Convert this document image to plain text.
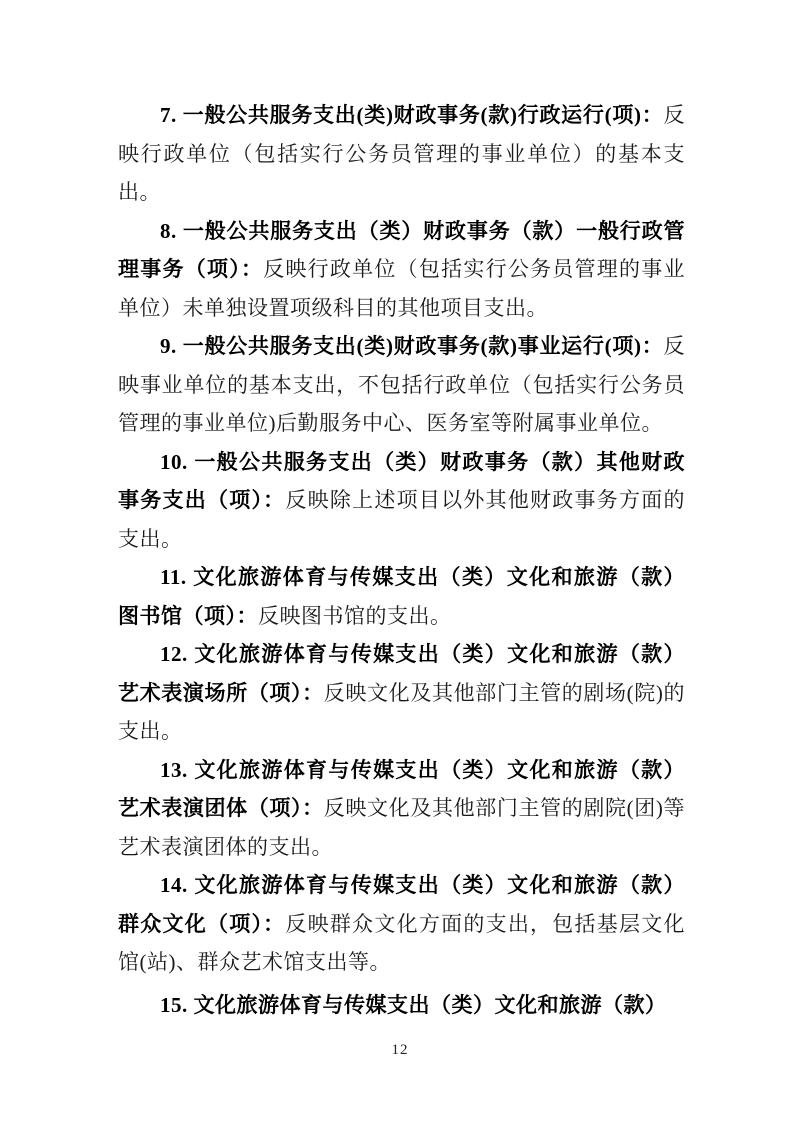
7. 一般公共服务支出(类)财政事务(款)行政运行(项)：反映行政单位（包括实行公务员管理的事业单位）的基本支出。

8. 一般公共服务支出（类）财政事务（款）一般行政管理事务（项）：反映行政单位（包括实行公务员管理的事业单位）未单独设置项级科目的其他项目支出。

9. 一般公共服务支出(类)财政事务(款)事业运行(项)：反映事业单位的基本支出，不包括行政单位（包括实行公务员管理的事业单位)后勤服务中心、医务室等附属事业单位。

10. 一般公共服务支出（类）财政事务（款）其他财政事务支出（项）：反映除上述项目以外其他财政事务方面的支出。

11. 文化旅游体育与传媒支出（类）文化和旅游（款）图书馆（项）：反映图书馆的支出。

12. 文化旅游体育与传媒支出（类）文化和旅游（款）艺术表演场所（项）：反映文化及其他部门主管的剧场(院)的支出。

13. 文化旅游体育与传媒支出（类）文化和旅游（款）艺术表演团体（项）：反映文化及其他部门主管的剧院(团)等艺术表演团体的支出。

14. 文化旅游体育与传媒支出（类）文化和旅游（款）群众文化（项）：反映群众文化方面的支出，包括基层文化馆(站)、群众艺术馆支出等。

15. 文化旅游体育与传媒支出（类）文化和旅游（款）

12
